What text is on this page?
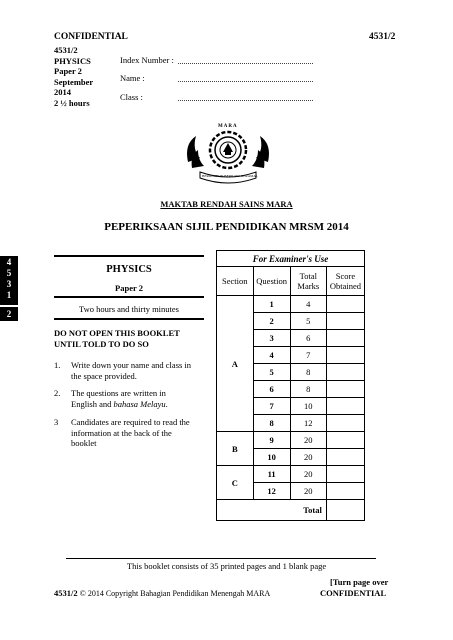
CONFIDENTIAL	4531/2
4531/2
PHYSICS
Paper 2
September
2014
2 ½ hours
Index Number :
Name :
Class :
MARA
BERDISIPLIN BERILMU BERAMAL
MAKTAB RENDAH SAINS MARA
PEPERIKSAAN SIJIL PENDIDIKAN MRSM 2014
4
5
3
1
2
PHYSICS
Paper 2
Two hours and thirty minutes
DO NOT OPEN THIS BOOKLET UNTIL TOLD TO DO SO
1. Write down your name and class in the space provided.
2. The questions are written in English and bahasa Melayu.
3 Candidates are required to read the information at the back of the booklet
For Examiner's Use			
Section	Question	Total Marks	Score Obtained
A	1	4	
	2	5	
	3	6	
	4	7	
	5	8	
	6	8	
	7	10	
	8	12	
B	9	20	
	10	20	
C	11	20	
	12	20	
Total			
This booklet consists of 35 printed pages and 1 blank page
[Turn page over
4531/2 © 2014 Copyright Bahagian Pendidikan Menengah MARA	CONFIDENTIAL
